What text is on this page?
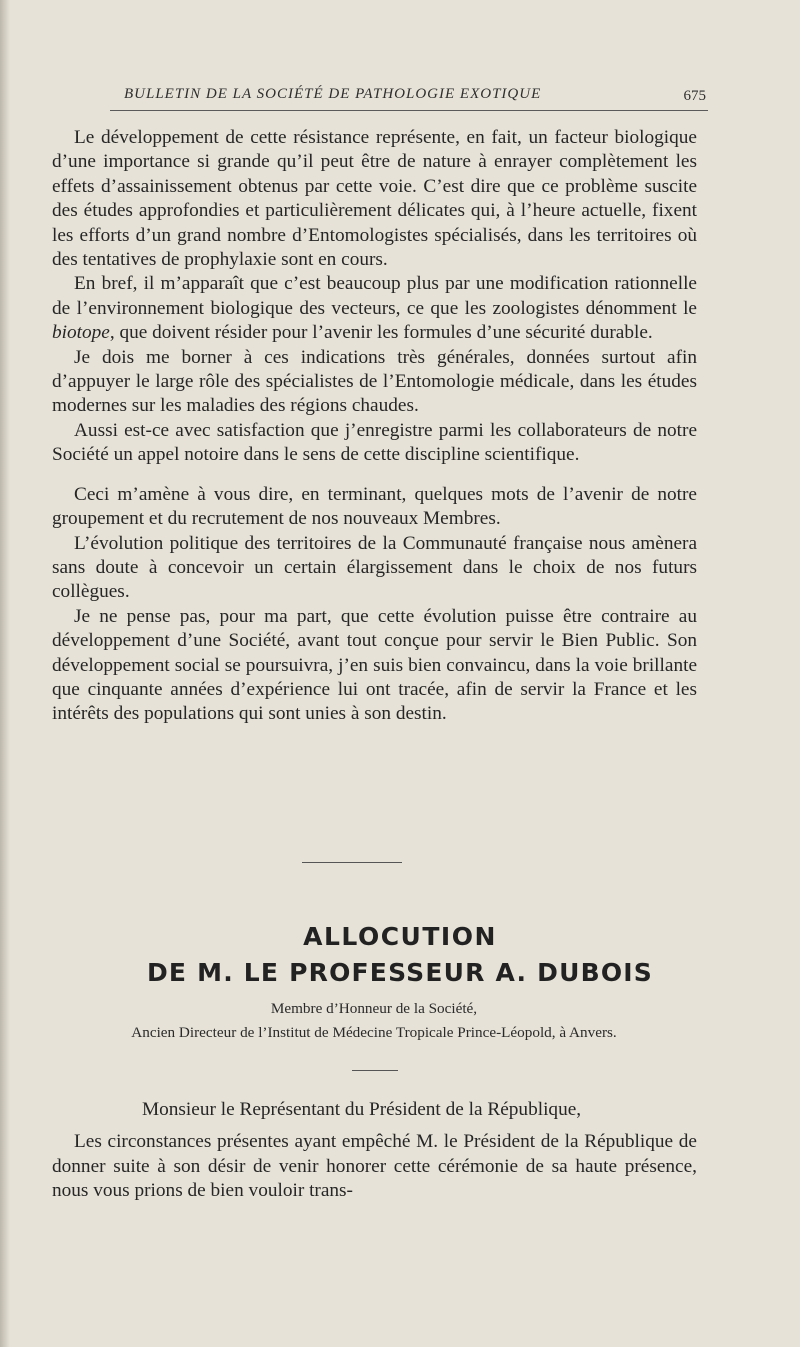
BULLETIN DE LA SOCIÉTÉ DE PATHOLOGIE EXOTIQUE	675

Le développement de cette résistance représente, en fait, un facteur biologique d’une importance si grande qu’il peut être de nature à enrayer complètement les effets d’assainissement obtenus par cette voie. C’est dire que ce problème suscite des études approfondies et particulièrement délicates qui, à l’heure actuelle, fixent les efforts d’un grand nombre d’Entomologistes spécialisés, dans les territoires où des tentatives de prophylaxie sont en cours.

En bref, il m’apparaît que c’est beaucoup plus par une modification rationnelle de l’environnement biologique des vecteurs, ce que les zoologistes dénomment le biotope, que doivent résider pour l’avenir les formules d’une sécurité durable.

Je dois me borner à ces indications très générales, données surtout afin d’appuyer le large rôle des spécialistes de l’Entomologie médicale, dans les études modernes sur les maladies des régions chaudes.

Aussi est-ce avec satisfaction que j’enregistre parmi les collaborateurs de notre Société un appel notoire dans le sens de cette discipline scientifique.

Ceci m’amène à vous dire, en terminant, quelques mots de l’avenir de notre groupement et du recrutement de nos nouveaux Membres.

L’évolution politique des territoires de la Communauté française nous amènera sans doute à concevoir un certain élargissement dans le choix de nos futurs collègues.

Je ne pense pas, pour ma part, que cette évolution puisse être contraire au développement d’une Société, avant tout conçue pour servir le Bien Public. Son développement social se poursuivra, j’en suis bien convaincu, dans la voie brillante que cinquante années d’expérience lui ont tracée, afin de servir la France et les intérêts des populations qui sont unies à son destin.

ALLOCUTION
DE M. LE PROFESSEUR A. DUBOIS
Membre d’Honneur de la Société,
Ancien Directeur de l’Institut de Médecine Tropicale Prince-Léopold, à Anvers.

Monsieur le Représentant du Président de la République,

Les circonstances présentes ayant empêché M. le Président de la République de donner suite à son désir de venir honorer cette cérémonie de sa haute présence, nous vous prions de bien vouloir trans-
